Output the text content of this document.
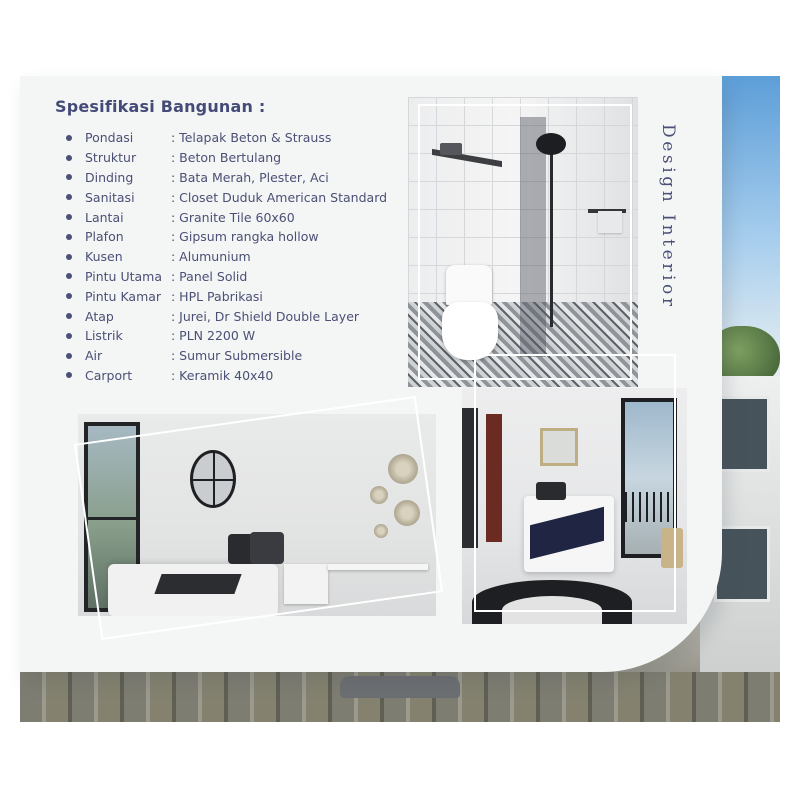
Spesifikasi Bangunan :
Pondasi	: Telapak Beton & Strauss
Struktur	: Beton Bertulang
Dinding	: Bata Merah, Plester, Aci
Sanitasi	: Closet Duduk American Standard
Lantai	: Granite Tile 60x60
Plafon	: Gipsum rangka hollow
Kusen	: Alumunium
Pintu Utama : Panel Solid
Pintu Kamar : HPL Pabrikasi
Atap	: Jurei, Dr Shield Double Layer
Listrik	: PLN 2200 W
Air	: Sumur Submersible
Carport	: Keramik 40x40
Design Interior
